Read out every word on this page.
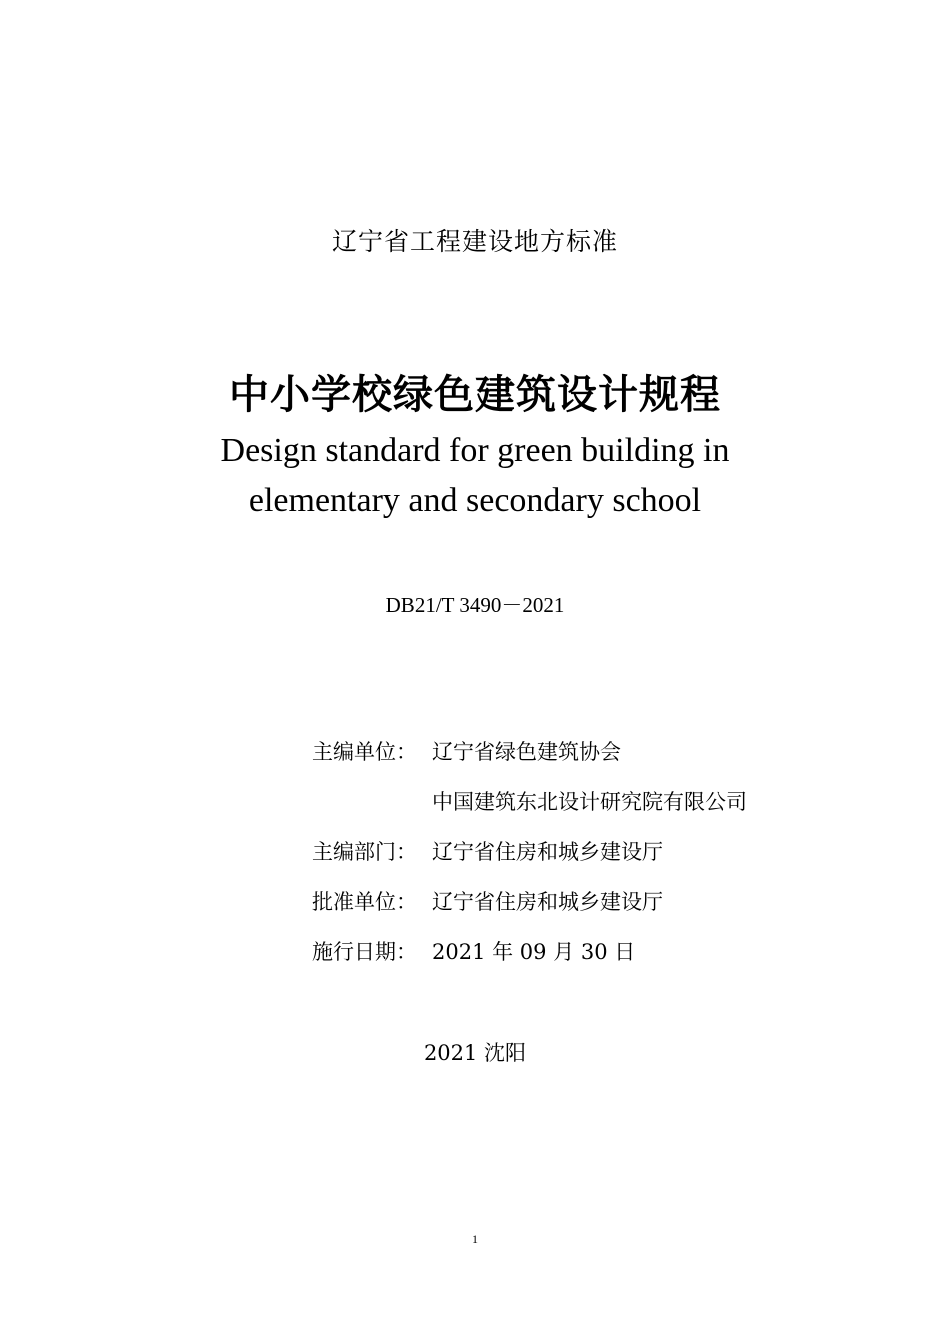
辽宁省工程建设地方标准
中小学校绿色建筑设计规程
Design standard for green building in
elementary and secondary school
DB21/T 3490－2021
主编单位： 辽宁省绿色建筑协会
中国建筑东北设计研究院有限公司
主编部门： 辽宁省住房和城乡建设厅
批准单位： 辽宁省住房和城乡建设厅
施行日期： 2021 年 09 月 30 日
2021 沈阳
1
